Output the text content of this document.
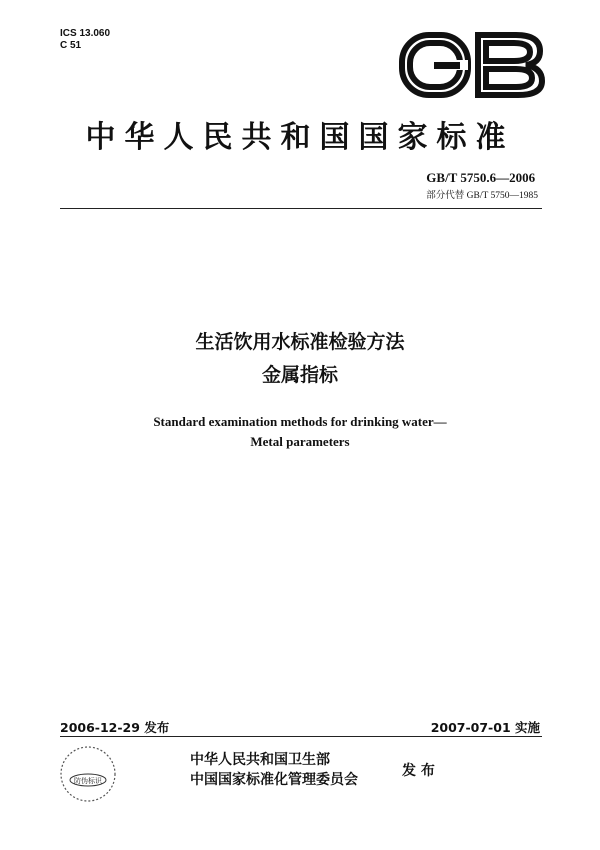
ICS 13.060
C 51
中华人民共和国国家标准
GB/T 5750.6—2006
部分代替 GB/T 5750—1985
生活饮用水标准检验方法
金属指标
Standard examination methods for drinking water—
Metal parameters
2006-12-29 发布	2007-07-01 实施
防伪标识
中华人民共和国卫生部
中国国家标准化管理委员会
发 布
